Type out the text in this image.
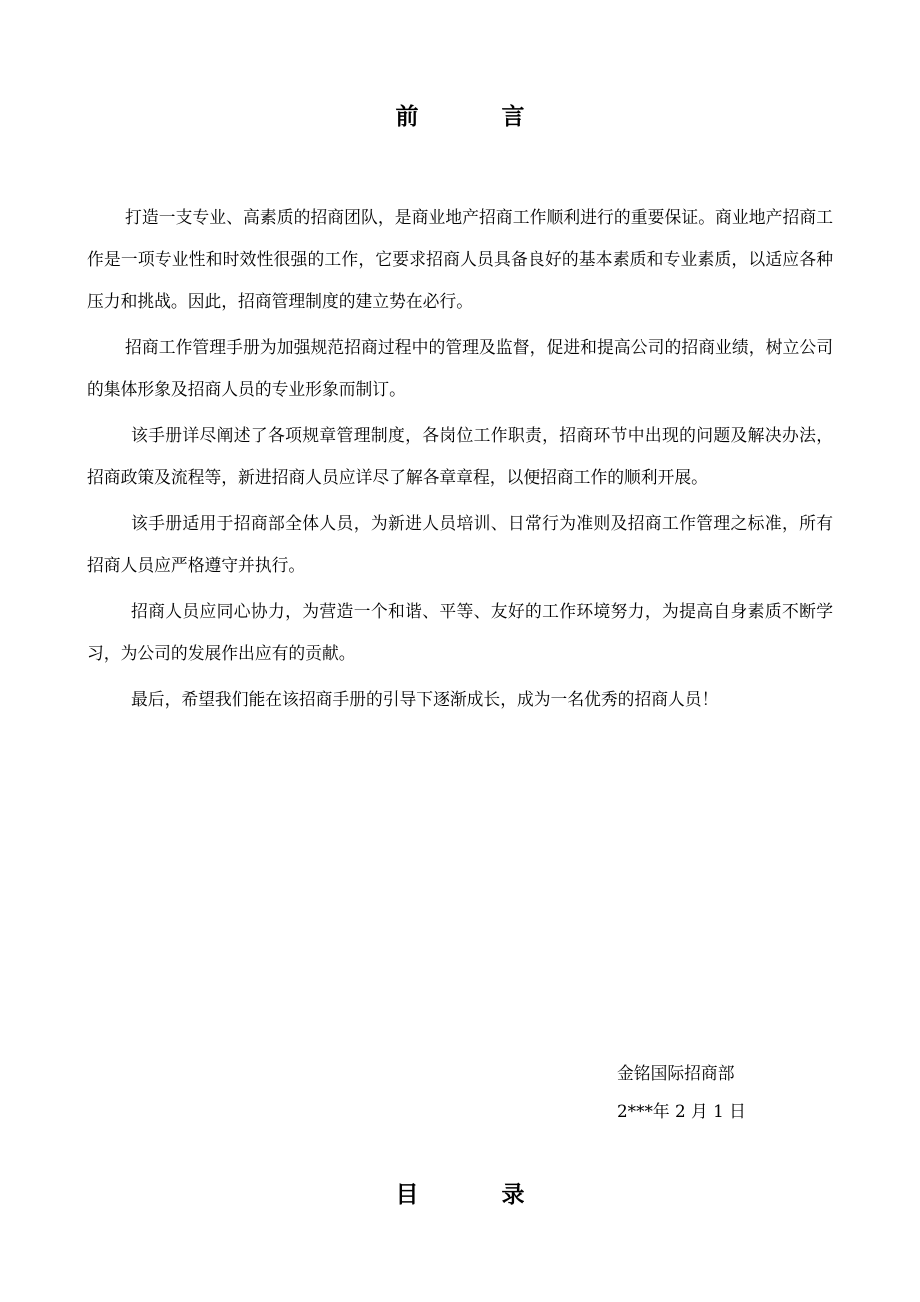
前　言

打造一支专业、高素质的招商团队，是商业地产招商工作顺利进行的重要保证。商业地产招商工作是一项专业性和时效性很强的工作，它要求招商人员具备良好的基本素质和专业素质，以适应各种压力和挑战。因此，招商管理制度的建立势在必行。

招商工作管理手册为加强规范招商过程中的管理及监督，促进和提高公司的招商业绩，树立公司的集体形象及招商人员的专业形象而制订。

该手册详尽阐述了各项规章管理制度，各岗位工作职责，招商环节中出现的问题及解决办法，招商政策及流程等，新进招商人员应详尽了解各章章程，以便招商工作的顺利开展。

该手册适用于招商部全体人员，为新进人员培训、日常行为准则及招商工作管理之标准，所有招商人员应严格遵守并执行。

招商人员应同心协力，为营造一个和谐、平等、友好的工作环境努力，为提高自身素质不断学习，为公司的发展作出应有的贡献。

最后，希望我们能在该招商手册的引导下逐渐成长，成为一名优秀的招商人员！

金铭国际招商部

2***年 2 月 1 日

目　录
